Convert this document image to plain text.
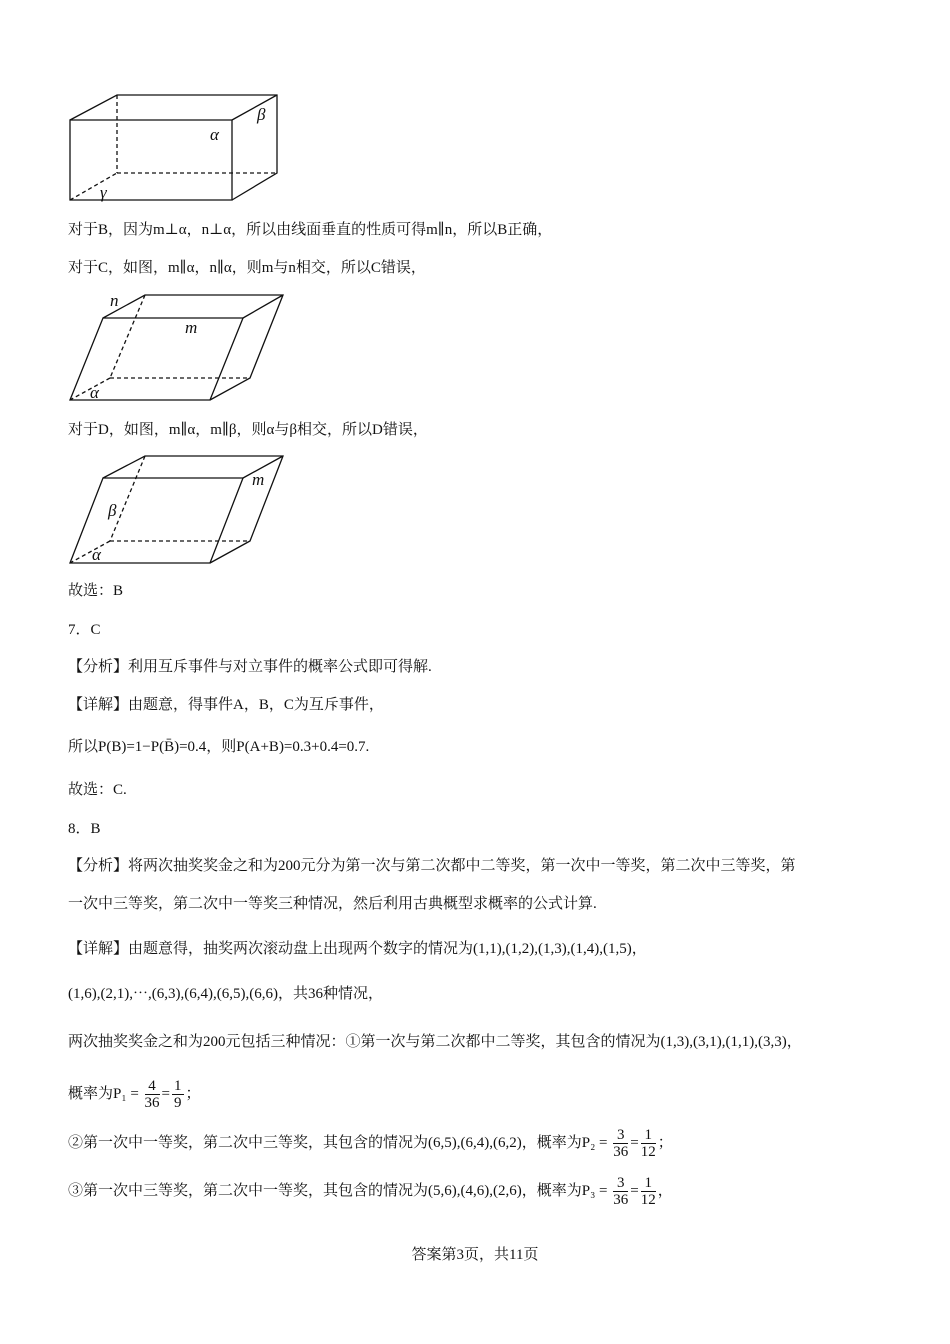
α
β
γ
对于B，因为m⊥α，n⊥α，所以由线面垂直的性质可得m∥n，所以B正确，
对于C，如图，m∥α，n∥α，则m与n相交，所以C错误，
n
m
α
对于D，如图，m∥α，m∥β，则α与β相交，所以D错误，
m
β
α
故选：B
7．C
【分析】利用互斥事件与对立事件的概率公式即可得解.
【详解】由题意，得事件A，B，C为互斥事件，
所以P(B)=1−P(B̄)=0.4，则P(A+B)=0.3+0.4=0.7.
故选：C.
8．B
【分析】将两次抽奖奖金之和为200元分为第一次与第二次都中二等奖，第一次中一等奖，第二次中三等奖，第
一次中三等奖，第二次中一等奖三种情况，然后利用古典概型求概率的公式计算.
【详解】由题意得，抽奖两次滚动盘上出现两个数字的情况为(1,1),(1,2),(1,3),(1,4),(1,5)，
(1,6),(2,1),⋯,(6,3),(6,4),(6,5),(6,6)，共36种情况，
两次抽奖奖金之和为200元包括三种情况：①第一次与第二次都中二等奖，其包含的情况为(1,3),(3,1),(1,1),(3,3)，
概率为$P_1 = \frac{4}{36} = \frac{1}{9}$ ；
②第一次中一等奖，第二次中三等奖，其包含的情况为(6,5),(6,4),(6,2)，概率为$P_2 = \frac{3}{36} = \frac{1}{12}$ ；
③第一次中三等奖，第二次中一等奖，其包含的情况为(5,6),(4,6),(2,6)，概率为$P_3 = \frac{3}{36} = \frac{1}{12}$ ，
答案第3页，共11页
